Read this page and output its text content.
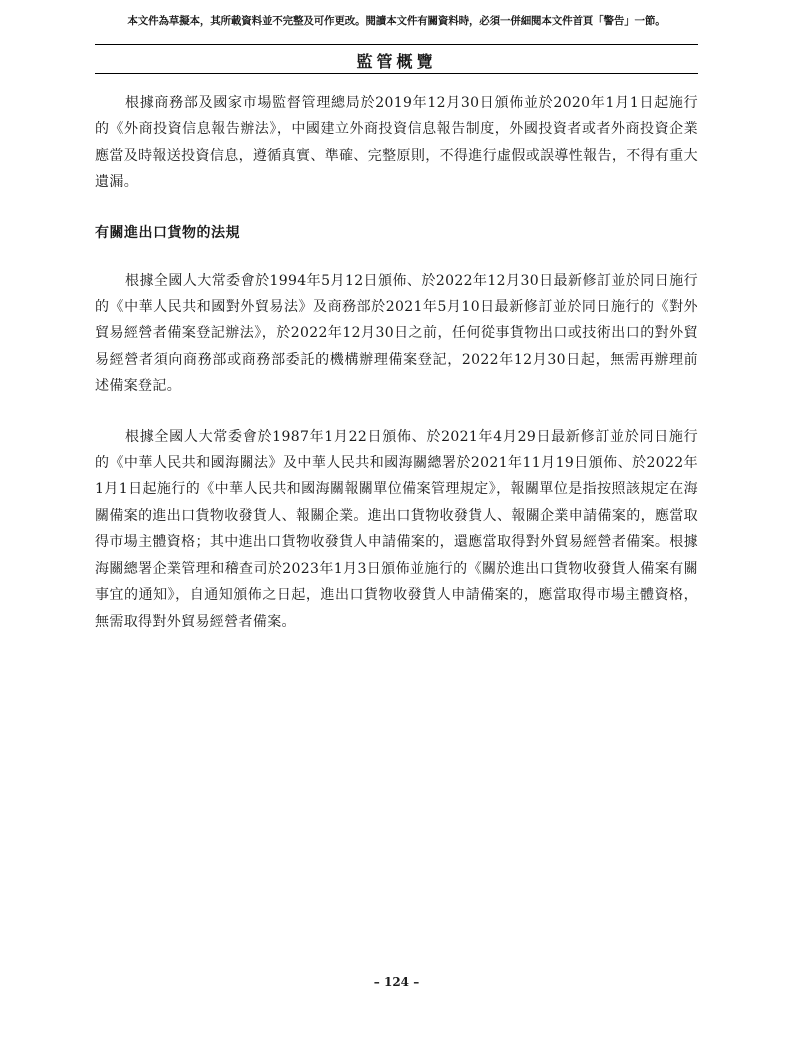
本文件為草擬本，其所載資料並不完整及可作更改。閱讀本文件有關資料時，必須一併細閱本文件首頁「警告」一節。
監管概覽

根據商務部及國家市場監督管理總局於2019年12月30日頒佈並於2020年1月1日起施行的《外商投資信息報告辦法》，中國建立外商投資信息報告制度，外國投資者或者外商投資企業應當及時報送投資信息，遵循真實、準確、完整原則，不得進行虛假或誤導性報告，不得有重大遺漏。

有關進出口貨物的法規

根據全國人大常委會於1994年5月12日頒佈、於2022年12月30日最新修訂並於同日施行的《中華人民共和國對外貿易法》及商務部於2021年5月10日最新修訂並於同日施行的《對外貿易經營者備案登記辦法》，於2022年12月30日之前，任何從事貨物出口或技術出口的對外貿易經營者須向商務部或商務部委託的機構辦理備案登記，2022年12月30日起，無需再辦理前述備案登記。

根據全國人大常委會於1987年1月22日頒佈、於2021年4月29日最新修訂並於同日施行的《中華人民共和國海關法》及中華人民共和國海關總署於2021年11月19日頒佈、於2022年1月1日起施行的《中華人民共和國海關報關單位備案管理規定》，報關單位是指按照該規定在海關備案的進出口貨物收發貨人、報關企業。進出口貨物收發貨人、報關企業申請備案的，應當取得市場主體資格；其中進出口貨物收發貨人申請備案的，還應當取得對外貿易經營者備案。根據海關總署企業管理和稽查司於2023年1月3日頒佈並施行的《關於進出口貨物收發貨人備案有關事宜的通知》，自通知頒佈之日起，進出口貨物收發貨人申請備案的，應當取得市場主體資格，無需取得對外貿易經營者備案。

– 124 –
